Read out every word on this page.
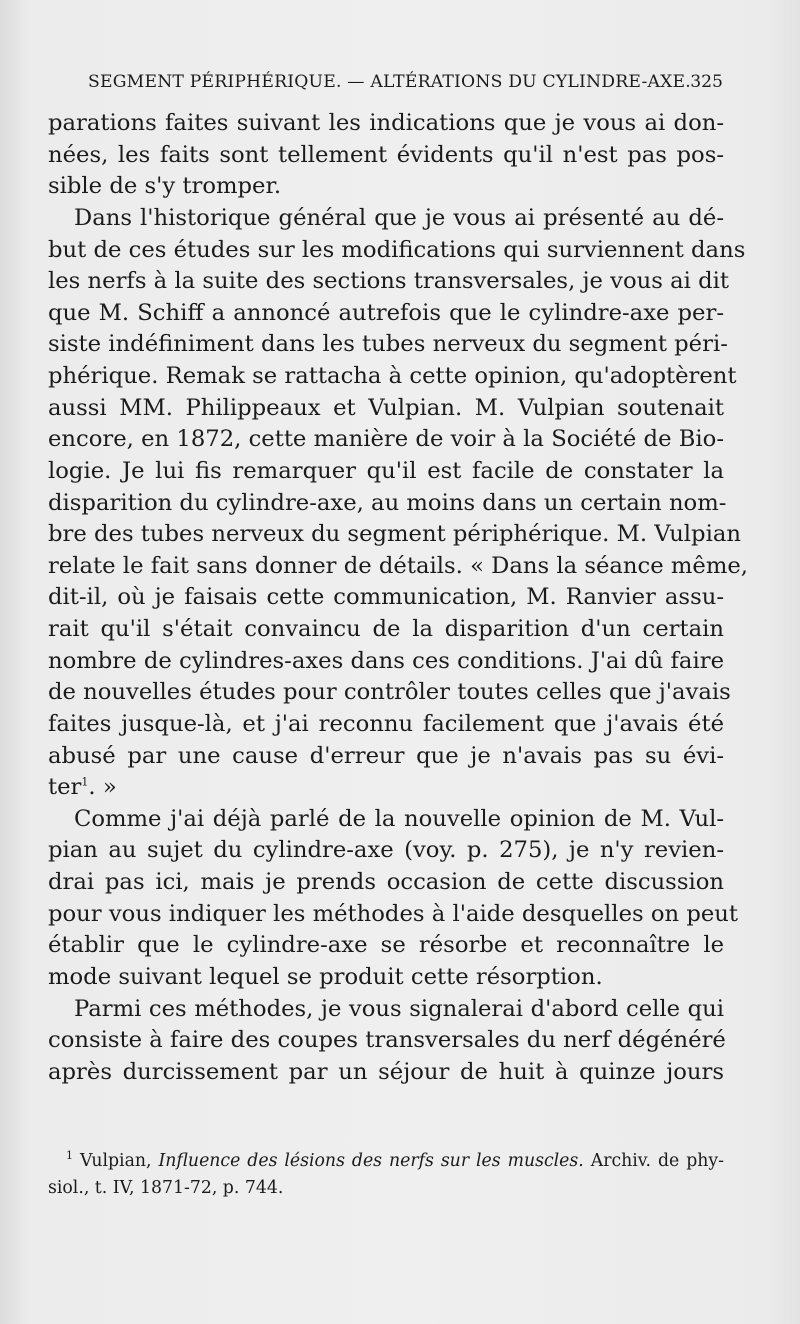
SEGMENT PÉRIPHÉRIQUE. — ALTÉRATIONS DU CYLINDRE-AXE. 325
parations faites suivant les indications que je vous ai don-
nées, les faits sont tellement évidents qu'il n'est pas pos-
sible de s'y tromper.
Dans l'historique général que je vous ai présenté au dé-
but de ces études sur les modifications qui surviennent dans
les nerfs à la suite des sections transversales, je vous ai dit
que M. Schiff a annoncé autrefois que le cylindre-axe per-
siste indéfiniment dans les tubes nerveux du segment péri-
phérique. Remak se rattacha à cette opinion, qu'adoptèrent
aussi MM. Philippeaux et Vulpian. M. Vulpian soutenait
encore, en 1872, cette manière de voir à la Société de Bio-
logie. Je lui fis remarquer qu'il est facile de constater la
disparition du cylindre-axe, au moins dans un certain nom-
bre des tubes nerveux du segment périphérique. M. Vulpian
relate le fait sans donner de détails. « Dans la séance même,
dit-il, où je faisais cette communication, M. Ranvier assu-
rait qu'il s'était convaincu de la disparition d'un certain
nombre de cylindres-axes dans ces conditions. J'ai dû faire
de nouvelles études pour contrôler toutes celles que j'avais
faites jusque-là, et j'ai reconnu facilement que j'avais été
abusé par une cause d'erreur que je n'avais pas su évi-
ter$^1$. »
Comme j'ai déjà parlé de la nouvelle opinion de M. Vul-
pian au sujet du cylindre-axe (voy. p. 275), je n'y revien-
drai pas ici, mais je prends occasion de cette discussion
pour vous indiquer les méthodes à l'aide desquelles on peut
établir que le cylindre-axe se résorbe et reconnaître le
mode suivant lequel se produit cette résorption.
Parmi ces méthodes, je vous signalerai d'abord celle qui
consiste à faire des coupes transversales du nerf dégénéré
après durcissement par un séjour de huit à quinze jours
$^1$ Vulpian, Influence des lésions des nerfs sur les muscles. Archiv. de phy-
siol., t. IV, 1871-72, p. 744.
